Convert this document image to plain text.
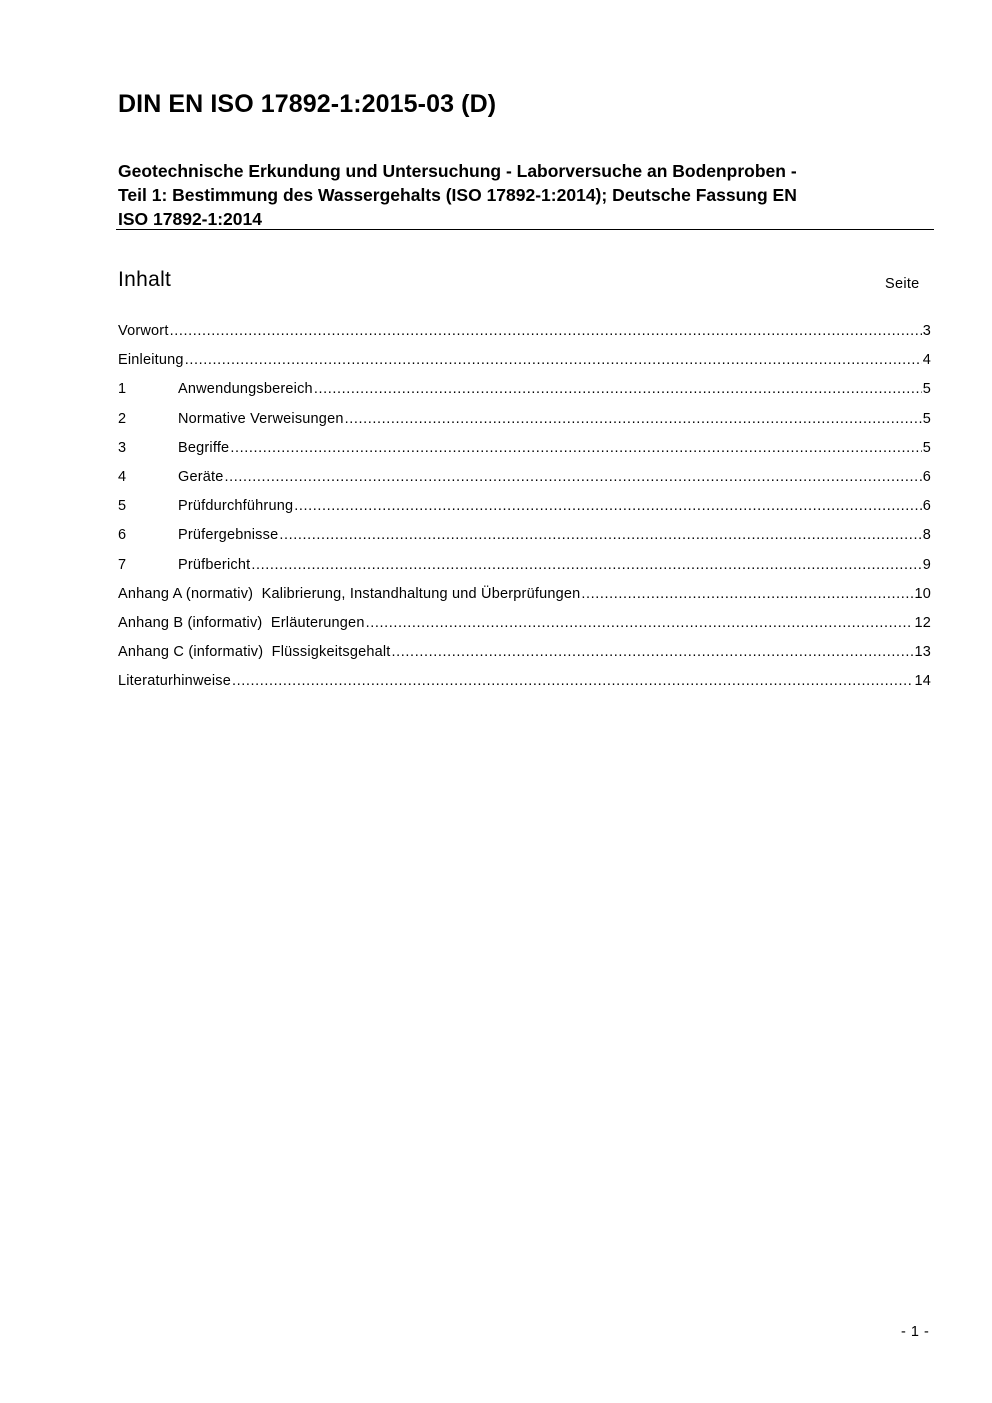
DIN EN ISO 17892-1:2015-03 (D)
Geotechnische Erkundung und Untersuchung - Laborversuche an Bodenproben -
Teil 1: Bestimmung des Wassergehalts (ISO 17892-1:2014); Deutsche Fassung EN
ISO 17892-1:2014
Inhalt	Seite
Vorwort .....	3
Einleitung .....	4
1	Anwendungsbereich .....	5
2	Normative Verweisungen .....	5
3	Begriffe .....	5
4	Geräte .....	6
5	Prüfdurchführung .....	6
6	Prüfergebnisse .....	8
7	Prüfbericht .....	9
Anhang A (normativ)  Kalibrierung, Instandhaltung und Überprüfungen .....	10
Anhang B (informativ)  Erläuterungen .....	12
Anhang C (informativ)  Flüssigkeitsgehalt .....	13
Literaturhinweise .....	14
- 1 -
